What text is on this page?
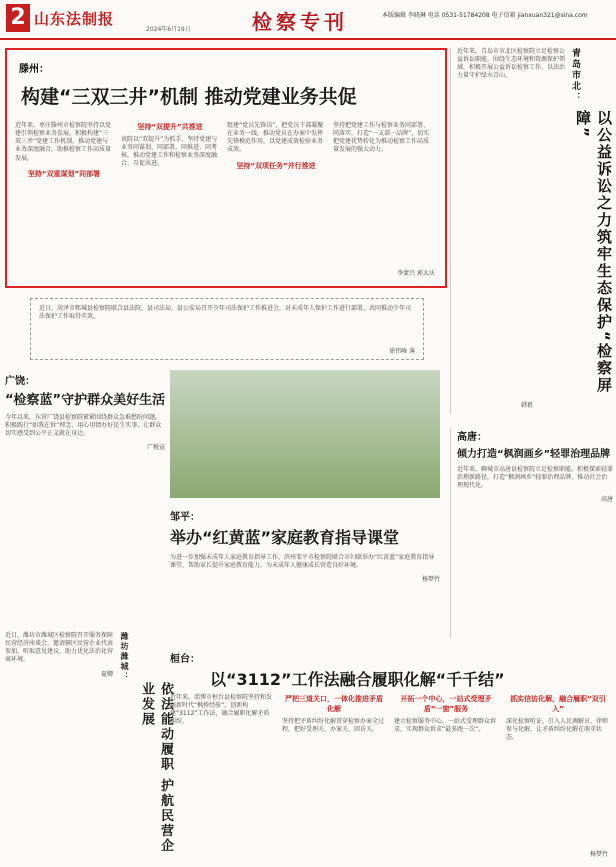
2 山东法制报
2024年6月19日	检察专刊	本版编辑 李晓琳 电话 0531-51784208 电子信箱 jianxuan321@sina.com
滕州：
构建“三双三井”机制 推动党建业务共促
近年来，枣庄滕州市检察院坚持以党建引领检察业务发展，积极构建“三双三井”党建工作机制，推动党建与业务深度融合，助推检察工作高质量发展。
坚持“双重谋划”同部署
坚持“双提升”共推进
该院以“双提升”为抓手，坚持党建与业务同谋划、同部署、同推进、同考核，推动党建工作和检察业务深度融合、互促共进。
组建“党员先锋岗”，把党员干部凝聚在业务一线，推动党员在办案中发挥先锋模范作用，以党建成效检验业务成效。
坚持“双项任务”并行推进
坚持把党建工作与检察业务同部署、同落实，打造“一支部一品牌”，切实把党建优势转化为推动检察工作高质量发展的强大动力。
李蒙兴 郭大庆
近年来，青岛市市北区检察院立足检察公益诉讼职能，围绕生态环境和资源保护领域，积极开展公益诉讼检察工作，以法治力量守护绿水青山。	青岛市北：
以公益诉讼之力筑牢生态保护“检察屏障”
韩祖
近日，菏泽市郓城县检察院联合县法院、县司法局、县公安局召开少年司法保护工作推进会，对未成年人保护工作进行部署，共同推动少年司法保护工作取得实效。
徐伟峰 薄
广饶：
“检察蓝”守护群众美好生活
今年以来，东营广饶县检察院紧紧围绕群众急难愁盼问题，积极践行“如我在诉”理念，用心用情办好民生实事，让群众切实感受到公平正义就在身边。
广税宣
邹平：
举办“红黄蓝”家庭教育指导课堂
为进一步加强未成年人家庭教育指导工作，滨州邹平市检察院联合市妇联举办“红黄蓝”家庭教育指导课堂，帮助家长提升家庭教育能力，为未成年人健康成长营造良好环境。
杨梦竹
高唐：
倾力打造“枫润画乡”轻罪治理品牌
近年来，聊城市高唐县检察院立足检察职能，积极探索轻罪治理新路径，打造“枫润画乡”轻罪治理品牌，推动社会治理现代化。
高唐
近日，潍坊市潍城区检察院召开服务保障民营经济座谈会，邀请辖区民营企业代表参加，听取意见建议，助力优化法治化营商环境。
夏卿 潍坊潍城：
依法能动履职 护航民营企业发展
桓台：
以“3112”工作法融合履职化解“千千结”
近年来，淄博市桓台县检察院坚持和发展新时代“枫桥经验”，创新构建“3112”工作法，融合履职化解矛盾纠纷。
严把三道关口，一体化推进矛盾化解
坚持把矛盾纠纷化解贯穿检察办案全过程，把好受理关、办案关、回访关。
开拓一个中心，一站式受理矛盾“一窗”服务
建立检察服务中心，一站式受理群众诉求，实现群众诉求“最多跑一次”。
抓实信访化解，融合履职“双引入”
深化检察听证，引入人民调解员、律师参与化解，让矛盾纠纷化解在萌芽状态。
杨梦竹
